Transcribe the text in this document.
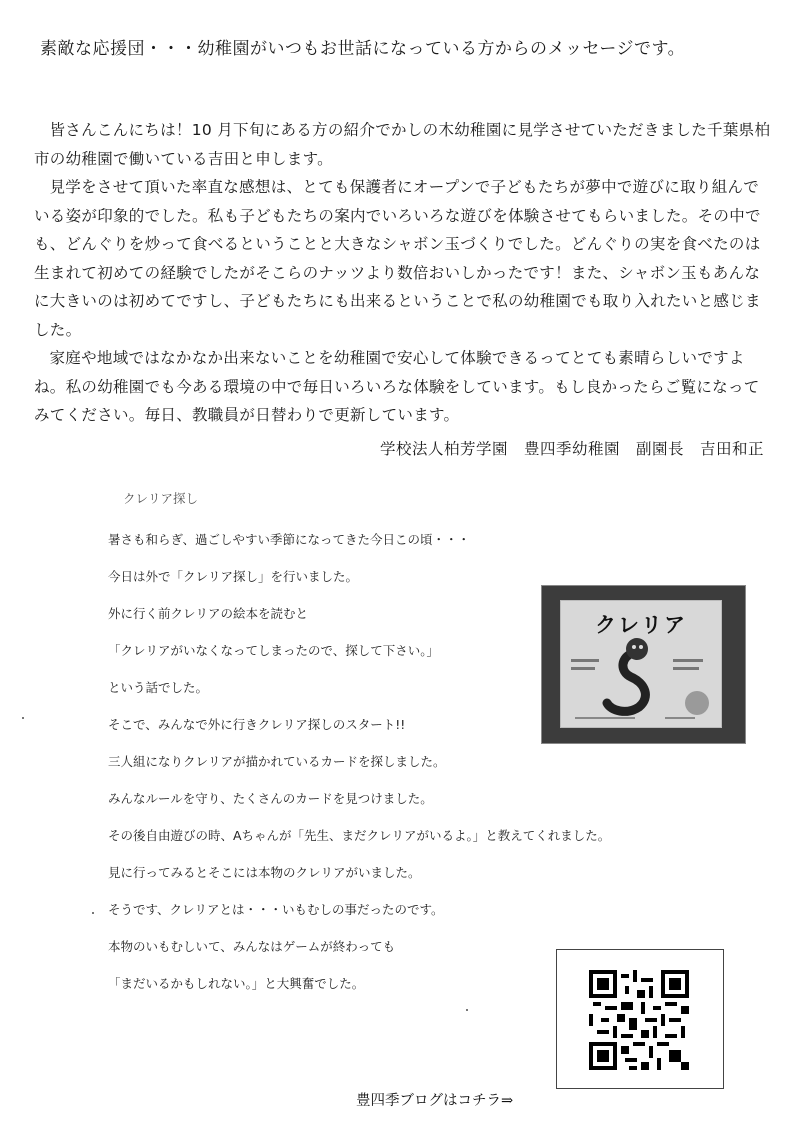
素敵な応援団・・・幼稚園がいつもお世話になっている方からのメッセージです。

皆さんこんにちは！10 月下旬にある方の紹介でかしの木幼稚園に見学させていただきました千葉県柏市の幼稚園で働いている吉田と申します。

見学をさせて頂いた率直な感想は、とても保護者にオープンで子どもたちが夢中で遊びに取り組んでいる姿が印象的でした。私も子どもたちの案内でいろいろな遊びを体験させてもらいました。その中でも、どんぐりを炒って食べるということと大きなシャボン玉づくりでした。どんぐりの実を食べたのは生まれて初めての経験でしたがそこらのナッツより数倍おいしかったです！また、シャボン玉もあんなに大きいのは初めてですし、子どもたちにも出来るということで私の幼稚園でも取り入れたいと感じました。

家庭や地域ではなかなか出来ないことを幼稚園で安心して体験できるってとても素晴らしいですよね。私の幼稚園でも今ある環境の中で毎日いろいろな体験をしています。もし良かったらご覧になってみてください。毎日、教職員が日替わりで更新しています。

学校法人柏芳学園　豊四季幼稚園　副園長　吉田和正
クレリア探し
暑さも和らぎ、過ごしやすい季節になってきた今日この頃・・・
今日は外で「クレリア探し」を行いました。
外に行く前クレリアの絵本を読むと
「クレリアがいなくなってしまったので、探して下さい。」
という話でした。
そこで、みんなで外に行きクレリア探しのスタート!!
三人組になりクレリアが描かれているカードを探しました。
みんなルールを守り、たくさんのカードを見つけました。
その後自由遊びの時、Aちゃんが「先生、まだクレリアがいるよ。」と教えてくれました。
見に行ってみるとそこには本物のクレリアがいました。
そうです、クレリアとは・・・いもむしの事だったのです。
本物のいもむしいて、みんなはゲームが終わっても
「まだいるかもしれない。」と大興奮でした。
クレリア
豊四季ブログはコチラ⇒
